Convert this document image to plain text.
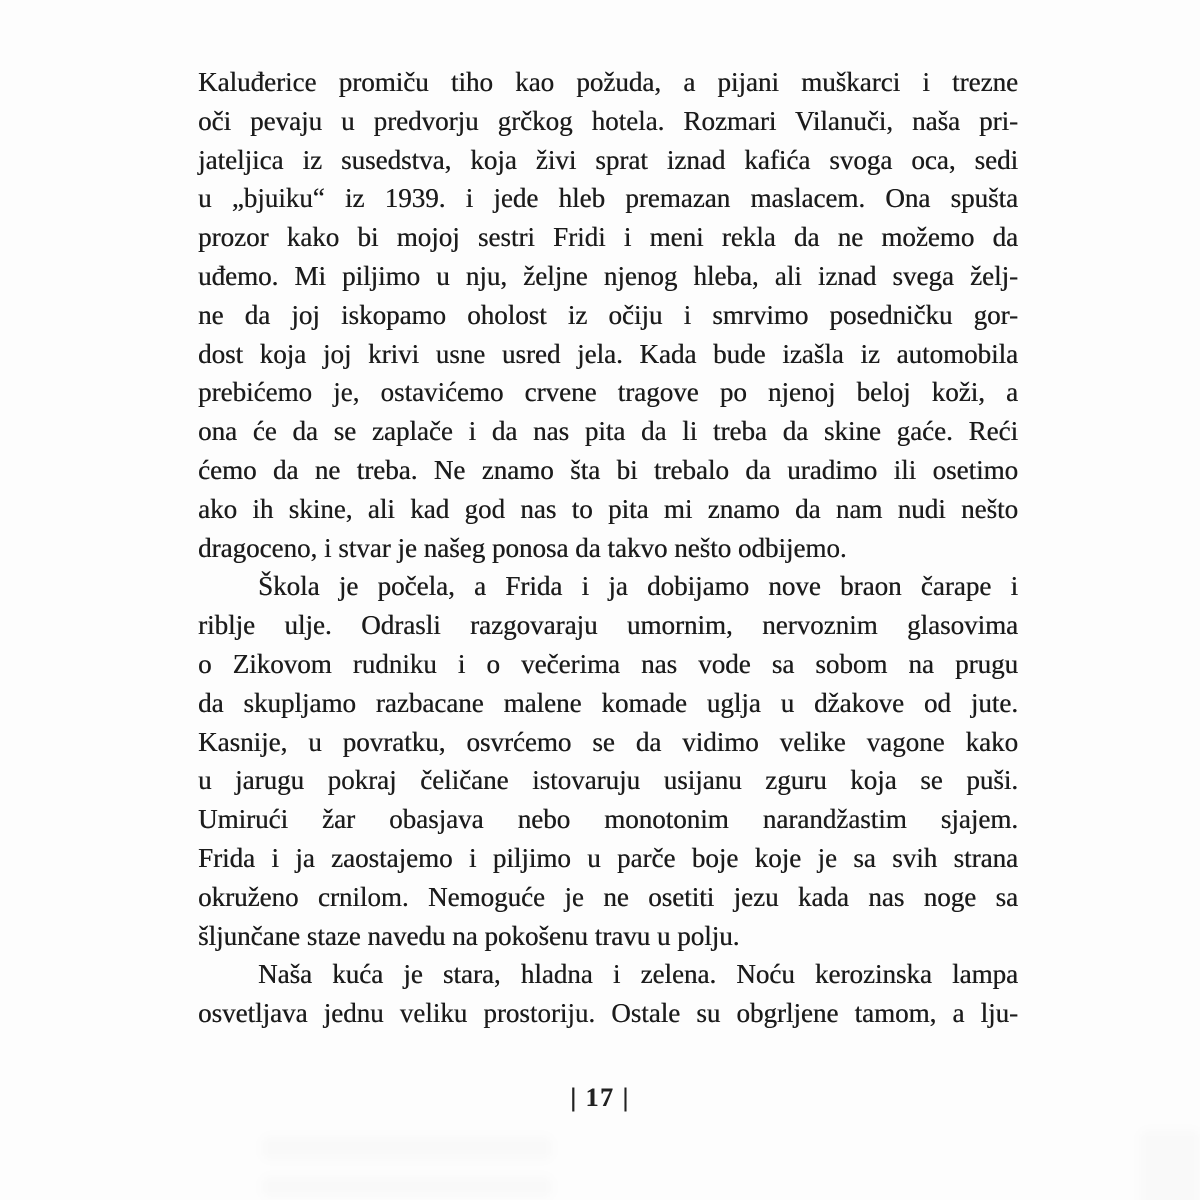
Kaluđerice promiču tiho kao požuda, a pijani muškarci i trezne
oči pevaju u predvorju grčkog hotela. Rozmari Vilanuči, naša pri-
jateljica iz susedstva, koja živi sprat iznad kafića svoga oca, sedi
u „bjuiku“ iz 1939. i jede hleb premazan maslacem. Ona spušta
prozor kako bi mojoj sestri Fridi i meni rekla da ne možemo da
uđemo. Mi piljimo u nju, željne njenog hleba, ali iznad svega želj-
ne da joj iskopamo oholost iz očiju i smrvimo posedničku gor-
dost koja joj krivi usne usred jela. Kada bude izašla iz automobila
prebićemo je, ostavićemo crvene tragove po njenoj beloj koži, a
ona će da se zaplače i da nas pita da li treba da skine gaće. Reći
ćemo da ne treba. Ne znamo šta bi trebalo da uradimo ili osetimo
ako ih skine, ali kad god nas to pita mi znamo da nam nudi nešto
dragoceno, i stvar je našeg ponosa da takvo nešto odbijemo.
Škola je počela, a Frida i ja dobijamo nove braon čarape i
riblje ulje. Odrasli razgovaraju umornim, nervoznim glasovima
o Zikovom rudniku i o večerima nas vode sa sobom na prugu
da skupljamo razbacane malene komade uglja u džakove od jute.
Kasnije, u povratku, osvrćemo se da vidimo velike vagone kako
u jarugu pokraj čeličane istovaruju usijanu zguru koja se puši.
Umirući žar obasjava nebo monotonim narandžastim sjajem.
Frida i ja zaostajemo i piljimo u parče boje koje je sa svih strana
okruženo crnilom. Nemoguće je ne osetiti jezu kada nas noge sa
šljunčane staze navedu na pokošenu travu u polju.
Naša kuća je stara, hladna i zelena. Noću kerozinska lampa
osvetljava jednu veliku prostoriju. Ostale su obgrljene tamom, a lju-
| 17 |
